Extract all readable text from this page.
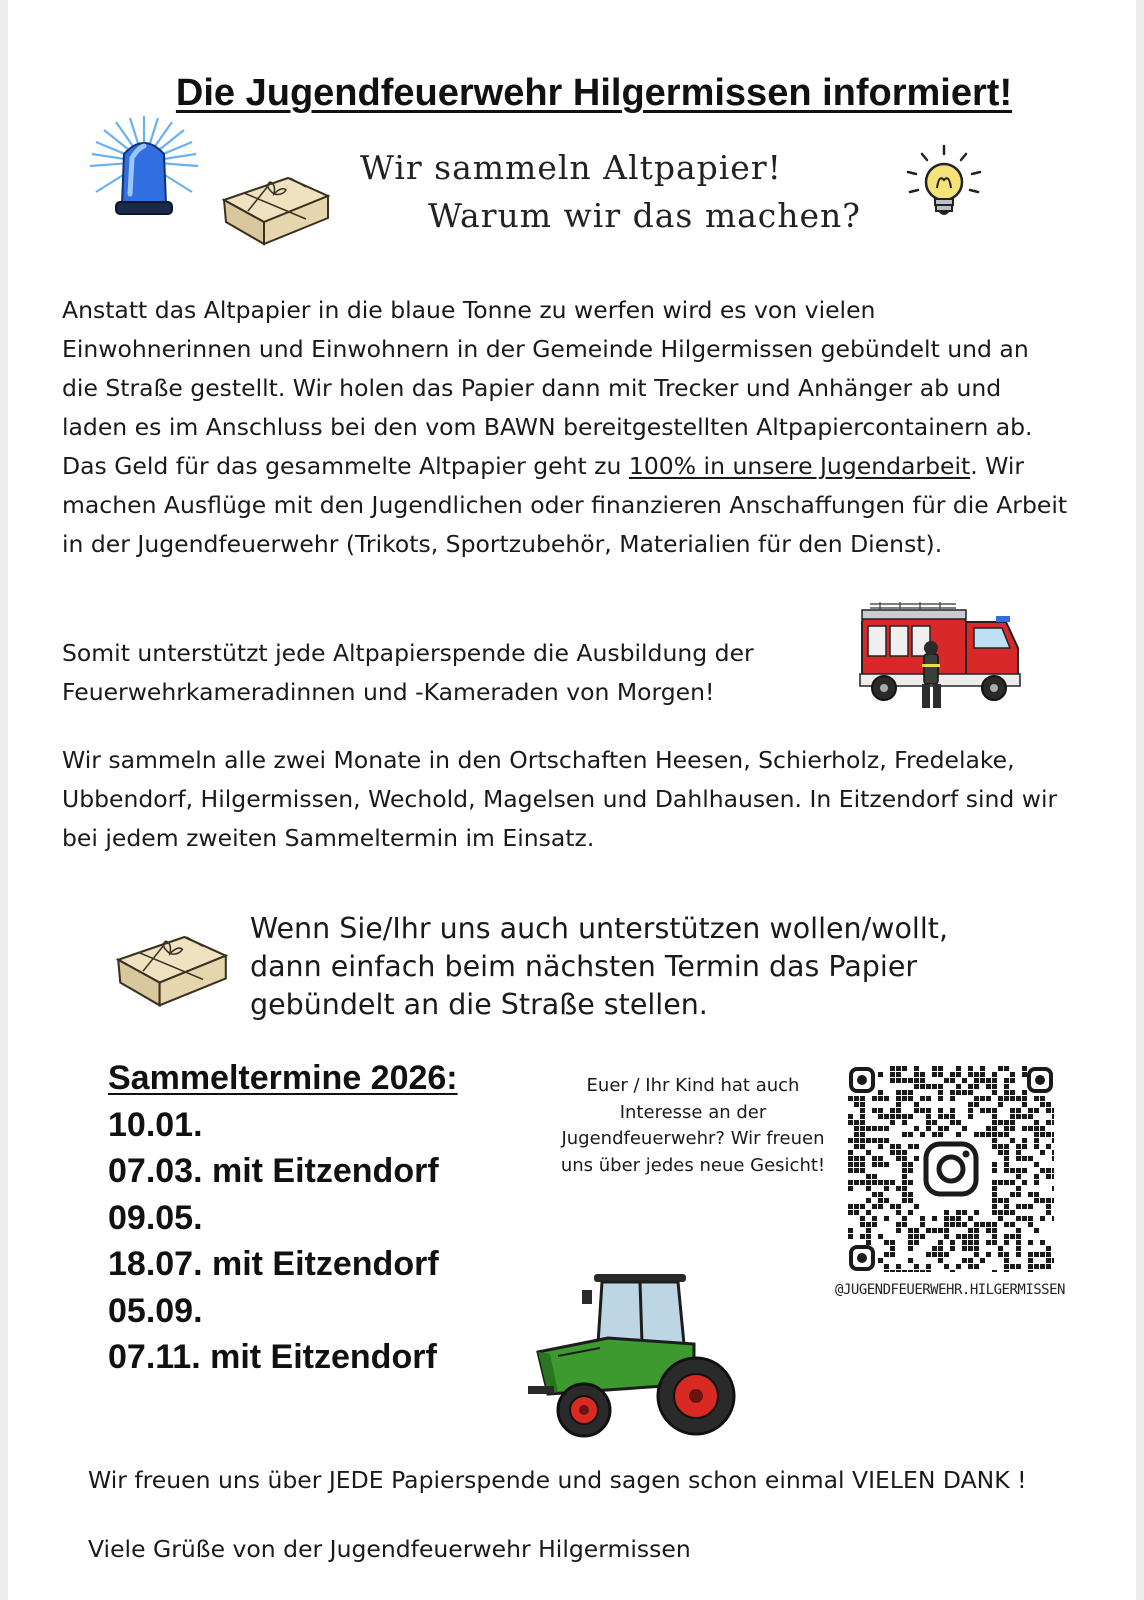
Die Jugendfeuerwehr Hilgermissen informiert!
Wir sammeln Altpapier!
Warum wir das machen?
Anstatt das Altpapier in die blaue Tonne zu werfen wird es von vielen Einwohnerinnen und Einwohnern in der Gemeinde Hilgermissen gebündelt und an die Straße gestellt. Wir holen das Papier dann mit Trecker und Anhänger ab und laden es im Anschluss bei den vom BAWN bereitgestellten Altpapiercontainern ab. Das Geld für das gesammelte Altpapier geht zu 100% in unsere Jugendarbeit. Wir machen Ausflüge mit den Jugendlichen oder finanzieren Anschaffungen für die Arbeit in der Jugendfeuerwehr (Trikots, Sportzubehör, Materialien für den Dienst).
Somit unterstützt jede Altpapierspende die Ausbildung der Feuerwehrkameradinnen und -Kameraden von Morgen!
Wir sammeln alle zwei Monate in den Ortschaften Heesen, Schierholz, Fredelake, Ubbendorf, Hilgermissen, Wechold, Magelsen und Dahlhausen. In Eitzendorf sind wir bei jedem zweiten Sammeltermin im Einsatz.
Wenn Sie/Ihr uns auch unterstützen wollen/wollt, dann einfach beim nächsten Termin das Papier gebündelt an die Straße stellen.
Sammeltermine 2026:
10.01.
07.03. mit Eitzendorf
09.05.
18.07. mit Eitzendorf
05.09.
07.11. mit Eitzendorf
Euer / Ihr Kind hat auch Interesse an der Jugendfeuerwehr? Wir freuen uns über jedes neue Gesicht!
@JUGENDFEUERWEHR.HILGERMISSEN
Wir freuen uns über JEDE Papierspende und sagen schon einmal VIELEN DANK !
Viele Grüße von der Jugendfeuerwehr Hilgermissen
